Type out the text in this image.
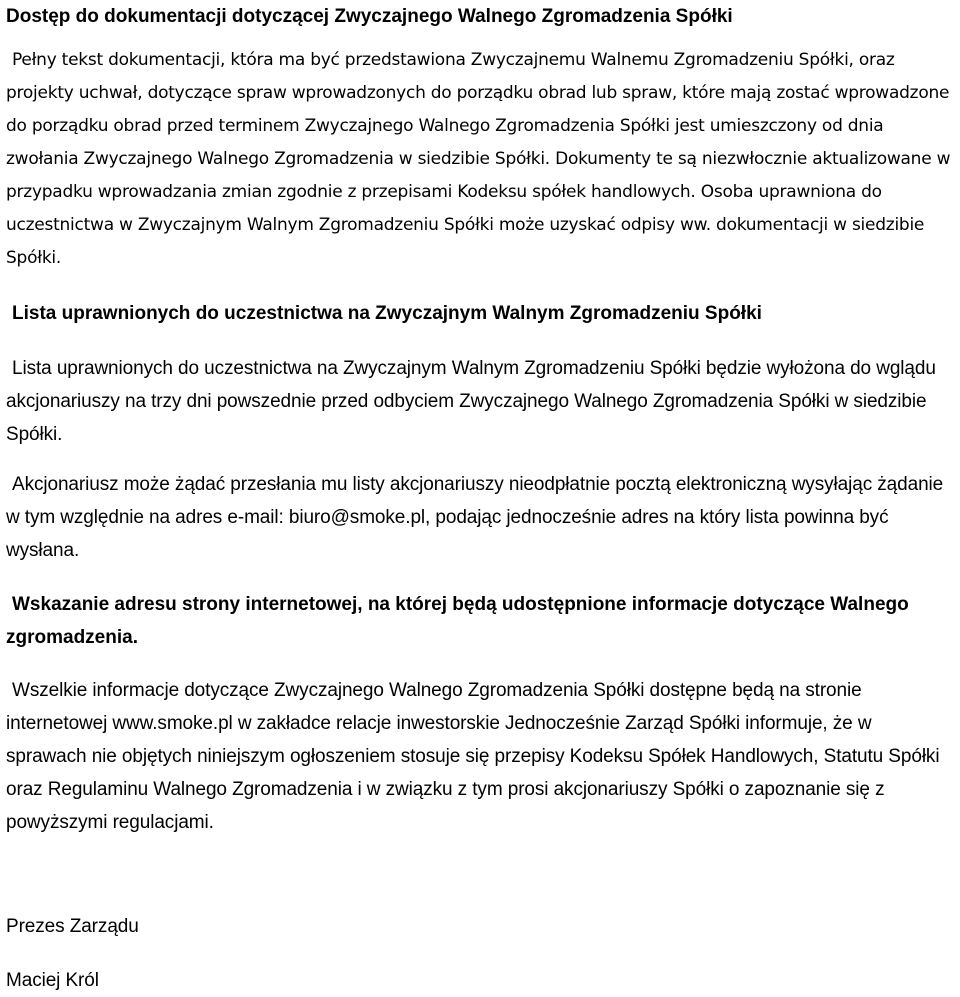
Dostęp do dokumentacji dotyczącej Zwyczajnego Walnego Zgromadzenia Spółki

Pełny tekst dokumentacji, która ma być przedstawiona Zwyczajnemu Walnemu Zgromadzeniu Spółki, oraz projekty uchwał, dotyczące spraw wprowadzonych do porządku obrad lub spraw, które mają zostać wprowadzone do porządku obrad przed terminem Zwyczajnego Walnego Zgromadzenia Spółki jest umieszczony od dnia zwołania Zwyczajnego Walnego Zgromadzenia w siedzibie Spółki. Dokumenty te są niezwłocznie aktualizowane w przypadku wprowadzania zmian zgodnie z przepisami Kodeksu spółek handlowych. Osoba uprawniona do uczestnictwa w Zwyczajnym Walnym Zgromadzeniu Spółki może uzyskać odpisy ww. dokumentacji w siedzibie Spółki.

Lista uprawnionych do uczestnictwa na Zwyczajnym Walnym Zgromadzeniu Spółki

Lista uprawnionych do uczestnictwa na Zwyczajnym Walnym Zgromadzeniu Spółki będzie wyłożona do wglądu akcjonariuszy na trzy dni powszednie przed odbyciem Zwyczajnego Walnego Zgromadzenia Spółki w siedzibie Spółki.

Akcjonariusz może żądać przesłania mu listy akcjonariuszy nieodpłatnie pocztą elektroniczną wysyłając żądanie w tym względnie na adres e-mail: biuro@smoke.pl, podając jednocześnie adres na który lista powinna być wysłana.

Wskazanie adresu strony internetowej, na której będą udostępnione informacje dotyczące Walnego zgromadzenia.

Wszelkie informacje dotyczące Zwyczajnego Walnego Zgromadzenia Spółki dostępne będą na stronie internetowej www.smoke.pl w zakładce relacje inwestorskie Jednocześnie Zarząd Spółki informuje, że w sprawach nie objętych niniejszym ogłoszeniem stosuje się przepisy Kodeksu Spółek Handlowych, Statutu Spółki oraz Regulaminu Walnego Zgromadzenia i w związku z tym prosi akcjonariuszy Spółki o zapoznanie się z powyższymi regulacjami.

Prezes Zarządu

Maciej Król
